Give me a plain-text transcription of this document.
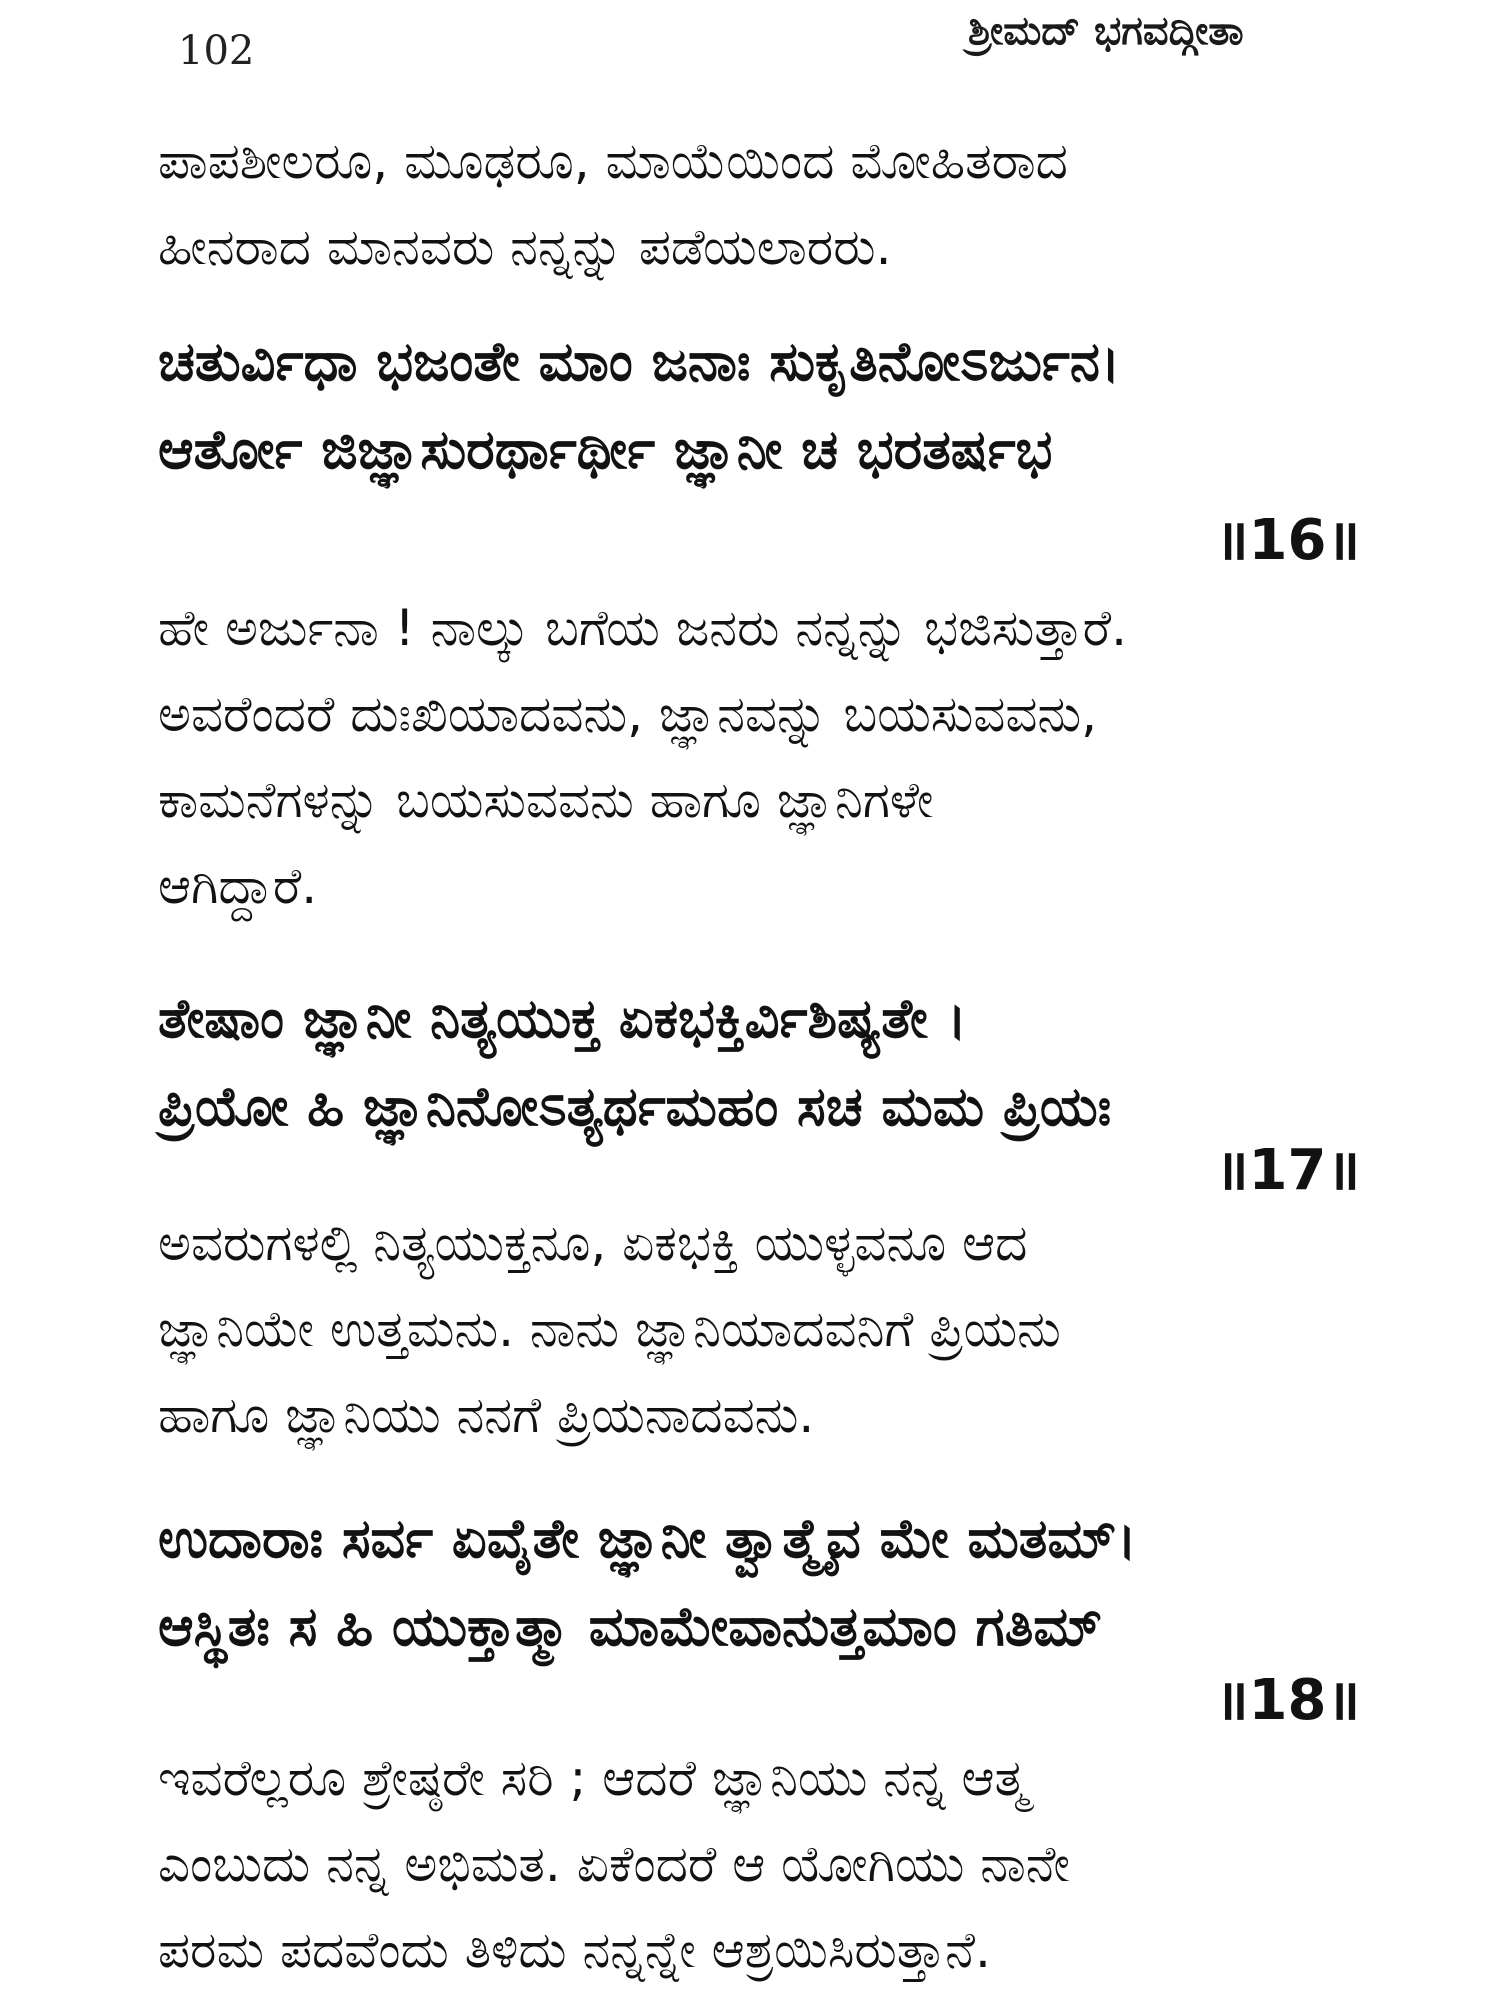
102	ಶ್ರೀಮದ್ ಭಗವದ್ಗೀತಾ
ಪಾಪಶೀಲರೂ, ಮೂಢರೂ, ಮಾಯೆಯಿಂದ ಮೋಹಿತರಾದ
ಹೀನರಾದ ಮಾನವರು ನನ್ನನ್ನು ಪಡೆಯಲಾರರು.
ಚತುರ್ವಿಧಾ ಭಜಂತೇ ಮಾಂ ಜನಾಃ ಸುಕೃತಿನೋಽರ್ಜುನ।
ಆರ್ತೋ ಜಿಜ್ಞಾಸುರರ್ಥಾರ್ಥೀ ಜ್ಞಾನೀ ಚ ಭರತರ್ಷಭ
॥16॥
ಹೇ ಅರ್ಜುನಾ ! ನಾಲ್ಕು ಬಗೆಯ ಜನರು ನನ್ನನ್ನು ಭಜಿಸುತ್ತಾರೆ.
ಅವರೆಂದರೆ ದುಃಖಿಯಾದವನು, ಜ್ಞಾನವನ್ನು ಬಯಸುವವನು,
ಕಾಮನೆಗಳನ್ನು ಬಯಸುವವನು ಹಾಗೂ ಜ್ಞಾನಿಗಳೇ
ಆಗಿದ್ದಾರೆ.
ತೇಷಾಂ ಜ್ಞಾನೀ ನಿತ್ಯಯುಕ್ತ ಏಕಭಕ್ತಿರ್ವಿಶಿಷ್ಯತೇ ।
ಪ್ರಿಯೋ ಹಿ ಜ್ಞಾನಿನೋಽತ್ಯರ್ಥಮಹಂ ಸಚ ಮಮ ಪ್ರಿಯಃ
॥17॥
ಅವರುಗಳಲ್ಲಿ ನಿತ್ಯಯುಕ್ತನೂ, ಏಕಭಕ್ತಿ ಯುಳ್ಳವನೂ ಆದ
ಜ್ಞಾನಿಯೇ ಉತ್ತಮನು. ನಾನು ಜ್ಞಾನಿಯಾದವನಿಗೆ ಪ್ರಿಯನು
ಹಾಗೂ ಜ್ಞಾನಿಯು ನನಗೆ ಪ್ರಿಯನಾದವನು.
ಉದಾರಾಃ ಸರ್ವ ಏವೈತೇ ಜ್ಞಾನೀ ತ್ವಾತ್ಮೈವ ಮೇ ಮತಮ್।
ಆಸ್ಥಿತಃ ಸ ಹಿ ಯುಕ್ತಾತ್ಮಾ ಮಾಮೇವಾನುತ್ತಮಾಂ ಗತಿಮ್
॥18॥
ಇವರೆಲ್ಲರೂ ಶ್ರೇಷ್ಠರೇ ಸರಿ ; ಆದರೆ ಜ್ಞಾನಿಯು ನನ್ನ ಆತ್ಮ
ಎಂಬುದು ನನ್ನ ಅಭಿಮತ. ಏಕೆಂದರೆ ಆ ಯೋಗಿಯು ನಾನೇ
ಪರಮ ಪದವೆಂದು ತಿಳಿದು ನನ್ನನ್ನೇ ಆಶ್ರಯಿಸಿರುತ್ತಾನೆ.
